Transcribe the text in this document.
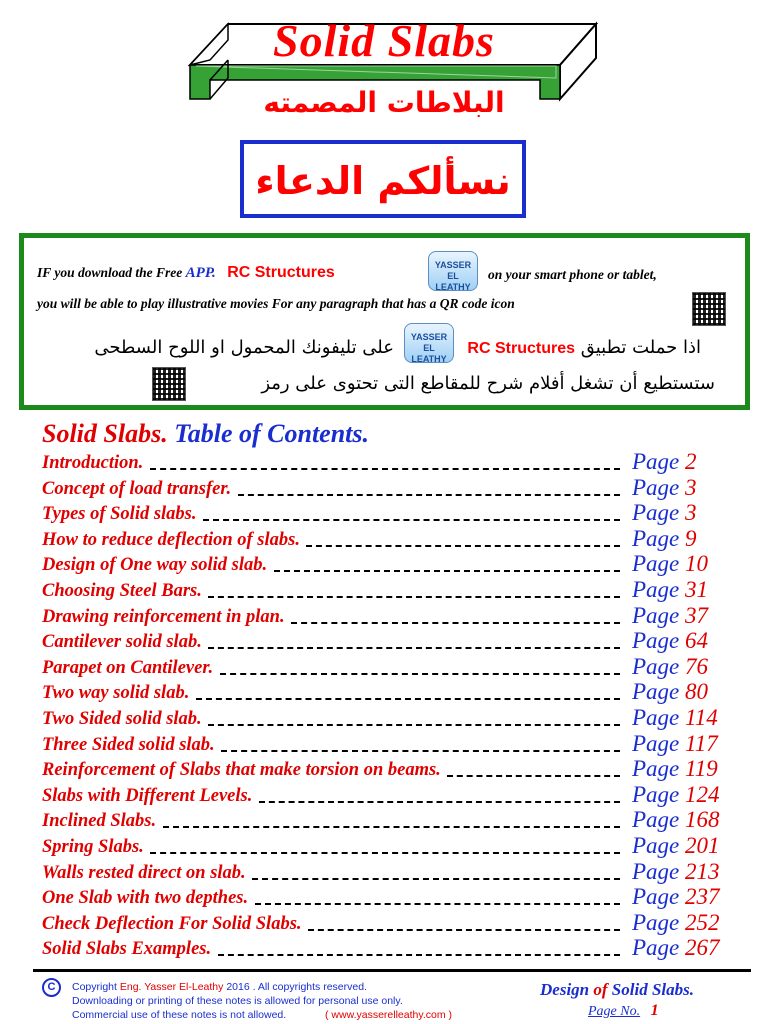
Solid Slabs
البلاطات المصمته
نسألكم الدعاء
IF you download the Free APP. RC Structures	YASSER
EL LEATHY
on your smart phone or tablet,
you will be able to play illustrative movies For any paragraph that has a QR code icon
اذا حملت تطبيق RC Structures
YASSER
EL LEATHY
على تليفونك المحمول او اللوح السطحى
ستستطيع أن تشغل أفلام شرح للمقاطع التى تحتوى على رمز
Solid Slabs. Table of Contents.
Introduction.	Page 2
Concept of load transfer.	Page 3
Types of Solid slabs.	Page 3
How to reduce deflection of slabs.	Page 9
Design of One way solid slab.	Page 10
Choosing Steel Bars.	Page 31
Drawing reinforcement in plan.	Page 37
Cantilever solid slab.	Page 64
Parapet on Cantilever.	Page 76
Two way solid slab.	Page 80
Two Sided solid slab.	Page 114
Three Sided solid slab.	Page 117
Reinforcement of Slabs that make torsion on beams.	Page 119
Slabs with Different Levels.	Page 124
Inclined Slabs.	Page 168
Spring Slabs.	Page 201
Walls rested direct on slab.	Page 213
One Slab with two depthes.	Page 237
Check Deflection For Solid Slabs.	Page 252
Solid Slabs Examples.	Page 267
C	Copyright Eng. Yasser El-Leathy 2016 . All copyrights reserved.
Downloading or printing of these notes is allowed for personal use only.
Commercial use of these notes is not allowed.	( www.yasserelleathy.com )
Design of Solid Slabs.
Page No. 1
